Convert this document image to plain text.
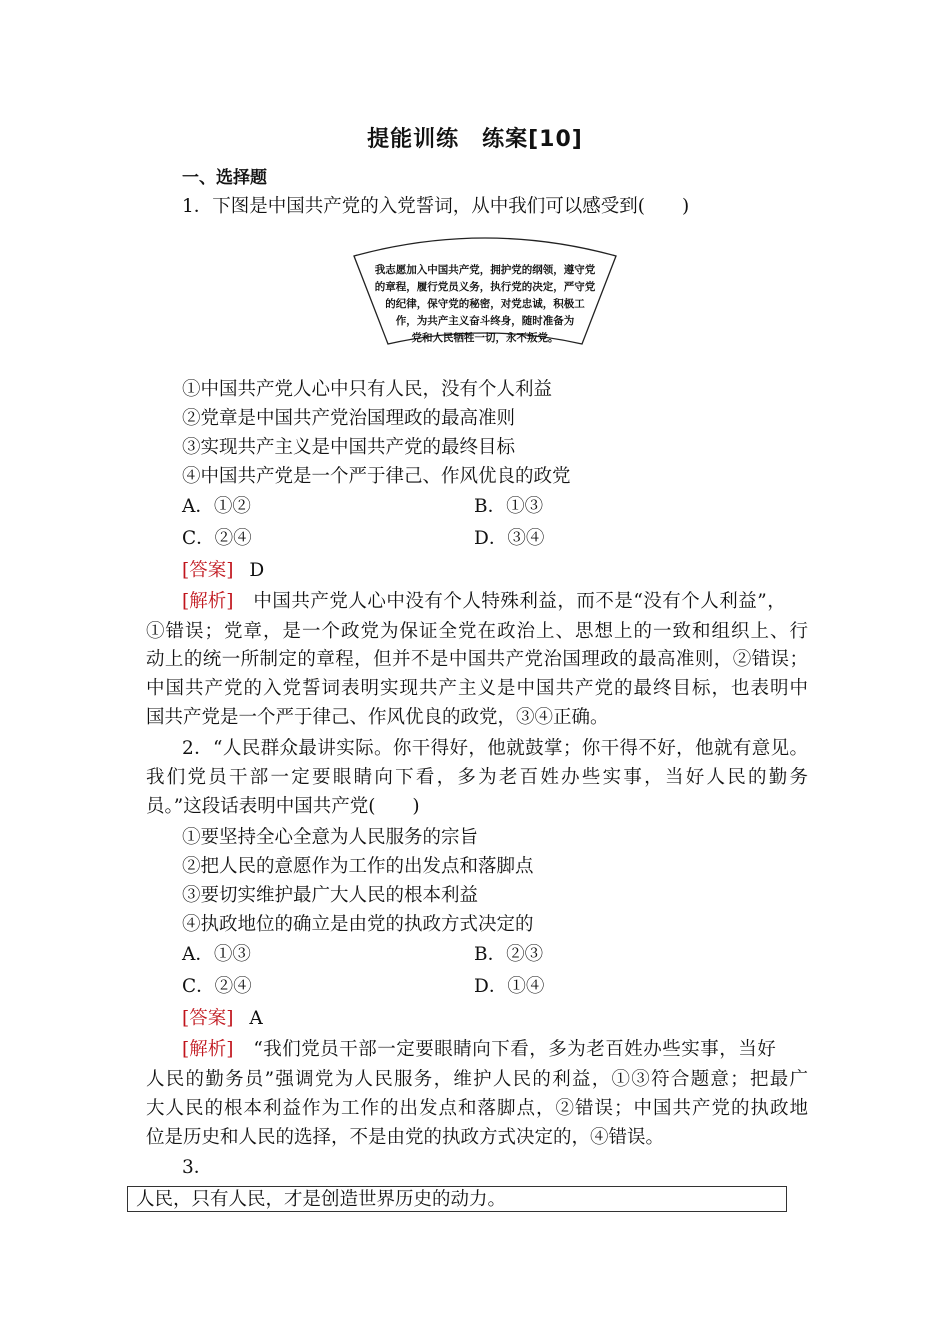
提能训练　练案[10]
一、选择题
1．下图是中国共产党的入党誓词，从中我们可以感受到(　　)
我志愿加入中国共产党，拥护党的纲领，遵守党
的章程，履行党员义务，执行党的决定，严守党
的纪律，保守党的秘密，对党忠诚，积极工
作，为共产主义奋斗终身，随时准备为
党和人民牺牲一切，永不叛党。
①中国共产党人心中只有人民，没有个人利益
②党章是中国共产党治国理政的最高准则
③实现共产主义是中国共产党的最终目标
④中国共产党是一个严于律己、作风优良的政党
A．①②	B．①③
C．②④	D．③④
[答案] D
[解析] 中国共产党人心中没有个人特殊利益，而不是“没有个人利益”，
①错误；党章，是一个政党为保证全党在政治上、思想上的一致和组织上、行
动上的统一所制定的章程，但并不是中国共产党治国理政的最高准则，②错误；
中国共产党的入党誓词表明实现共产主义是中国共产党的最终目标，也表明中
国共产党是一个严于律己、作风优良的政党，③④正确。
2．“人民群众最讲实际。你干得好，他就鼓掌；你干得不好，他就有意见。
我们党员干部一定要眼睛向下看，多为老百姓办些实事，当好人民的勤务
员。”这段话表明中国共产党(　　)
①要坚持全心全意为人民服务的宗旨
②把人民的意愿作为工作的出发点和落脚点
③要切实维护最广大人民的根本利益
④执政地位的确立是由党的执政方式决定的
A．①③	B．②③
C．②④	D．①④
[答案] A
[解析] “我们党员干部一定要眼睛向下看，多为老百姓办些实事，当好
人民的勤务员”强调党为人民服务，维护人民的利益，①③符合题意；把最广
大人民的根本利益作为工作的出发点和落脚点，②错误；中国共产党的执政地
位是历史和人民的选择，不是由党的执政方式决定的，④错误。
3．
人民，只有人民，才是创造世界历史的动力。
